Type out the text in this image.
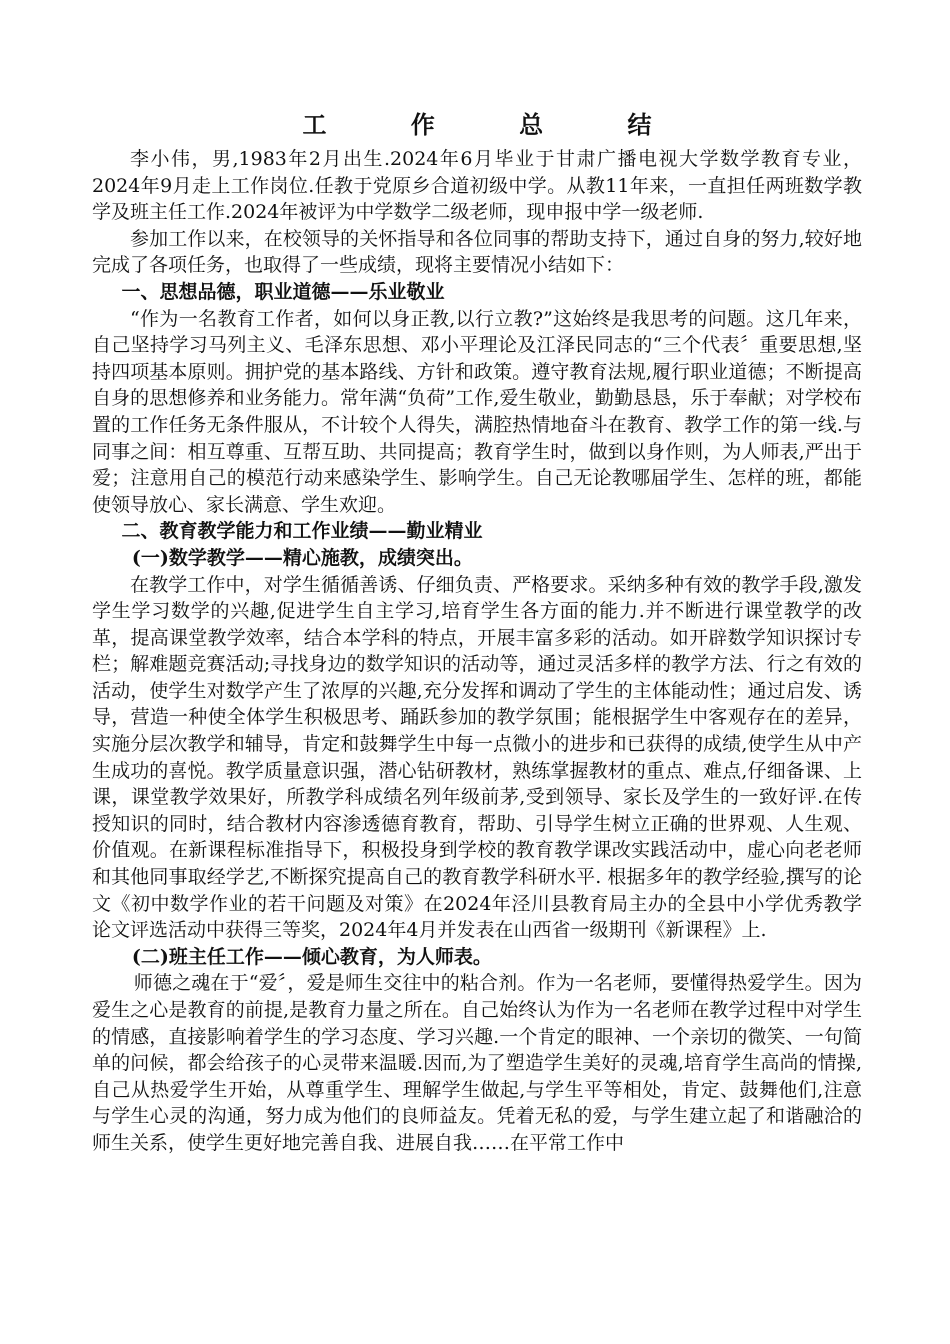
工 作 总 结

李小伟，男,1983年2月出生.2024年6月毕业于甘肃广播电视大学数学教育专业，2024年9月走上工作岗位.任教于党原乡合道初级中学。从教11年来，一直担任两班数学教学及班主任工作.2024年被评为中学数学二级老师，现申报中学一级老师.

参加工作以来，在校领导的关怀指导和各位同事的帮助支持下，通过自身的努力,较好地完成了各项任务，也取得了一些成绩，现将主要情况小结如下：

一、思想品德，职业道德——乐业敬业

“作为一名教育工作者，如何以身正教,以行立教?”这始终是我思考的问题。这几年来，自己坚持学习马列主义、毛泽东思想、邓小平理论及江泽民同志的“三个代表〞重要思想,坚持四项基本原则。拥护党的基本路线、方针和政策。遵守教育法规,履行职业道德；不断提高自身的思想修养和业务能力。常年满“负荷”工作,爱生敬业，勤勤恳恳，乐于奉献；对学校布置的工作任务无条件服从，不计较个人得失，满腔热情地奋斗在教育、教学工作的第一线.与同事之间：相互尊重、互帮互助、共同提高；教育学生时，做到以身作则，为人师表,严出于爱；注意用自己的模范行动来感染学生、影响学生。自己无论教哪届学生、怎样的班，都能使领导放心、家长满意、学生欢迎。

二、教育教学能力和工作业绩——勤业精业
(一)数学教学——精心施教，成绩突出。

在教学工作中，对学生循循善诱、仔细负责、严格要求。采纳多种有效的教学手段,激发学生学习数学的兴趣,促进学生自主学习,培育学生各方面的能力.并不断进行课堂教学的改革，提高课堂教学效率，结合本学科的特点，开展丰富多彩的活动。如开辟数学知识探讨专栏；解难题竞赛活动;寻找身边的数学知识的活动等，通过灵活多样的教学方法、行之有效的活动，使学生对数学产生了浓厚的兴趣,充分发挥和调动了学生的主体能动性；通过启发、诱导，营造一种使全体学生积极思考、踊跃参加的教学氛围；能根据学生中客观存在的差异，实施分层次教学和辅导，肯定和鼓舞学生中每一点微小的进步和已获得的成绩,使学生从中产生成功的喜悦。教学质量意识强，潜心钻研教材，熟练掌握教材的重点、难点,仔细备课、上课，课堂教学效果好，所教学科成绩名列年级前茅,受到领导、家长及学生的一致好评.在传授知识的同时，结合教材内容渗透德育教育，帮助、引导学生树立正确的世界观、人生观、价值观。在新课程标准指导下，积极投身到学校的教育教学课改实践活动中，虚心向老老师和其他同事取经学艺,不断探究提高自己的教育教学科研水平. 根据多年的教学经验,撰写的论文《初中数学作业的若干问题及对策》在2024年泾川县教育局主办的全县中小学优秀教学论文评选活动中获得三等奖，2024年4月并发表在山西省一级期刊《新课程》上.

(二)班主任工作——倾心教育，为人师表。

师德之魂在于“爱〞，爱是师生交往中的粘合剂。作为一名老师，要懂得热爱学生。因为爱生之心是教育的前提,是教育力量之所在。自己始终认为作为一名老师在教学过程中对学生的情感，直接影响着学生的学习态度、学习兴趣.一个肯定的眼神、一个亲切的微笑、一句简单的问候，都会给孩子的心灵带来温暖.因而,为了塑造学生美好的灵魂,培育学生高尚的情操,自己从热爱学生开始，从尊重学生、理解学生做起,与学生平等相处，肯定、鼓舞他们,注意与学生心灵的沟通，努力成为他们的良师益友。凭着无私的爱，与学生建立起了和谐融洽的师生关系，使学生更好地完善自我、进展自我……在平常工作中
